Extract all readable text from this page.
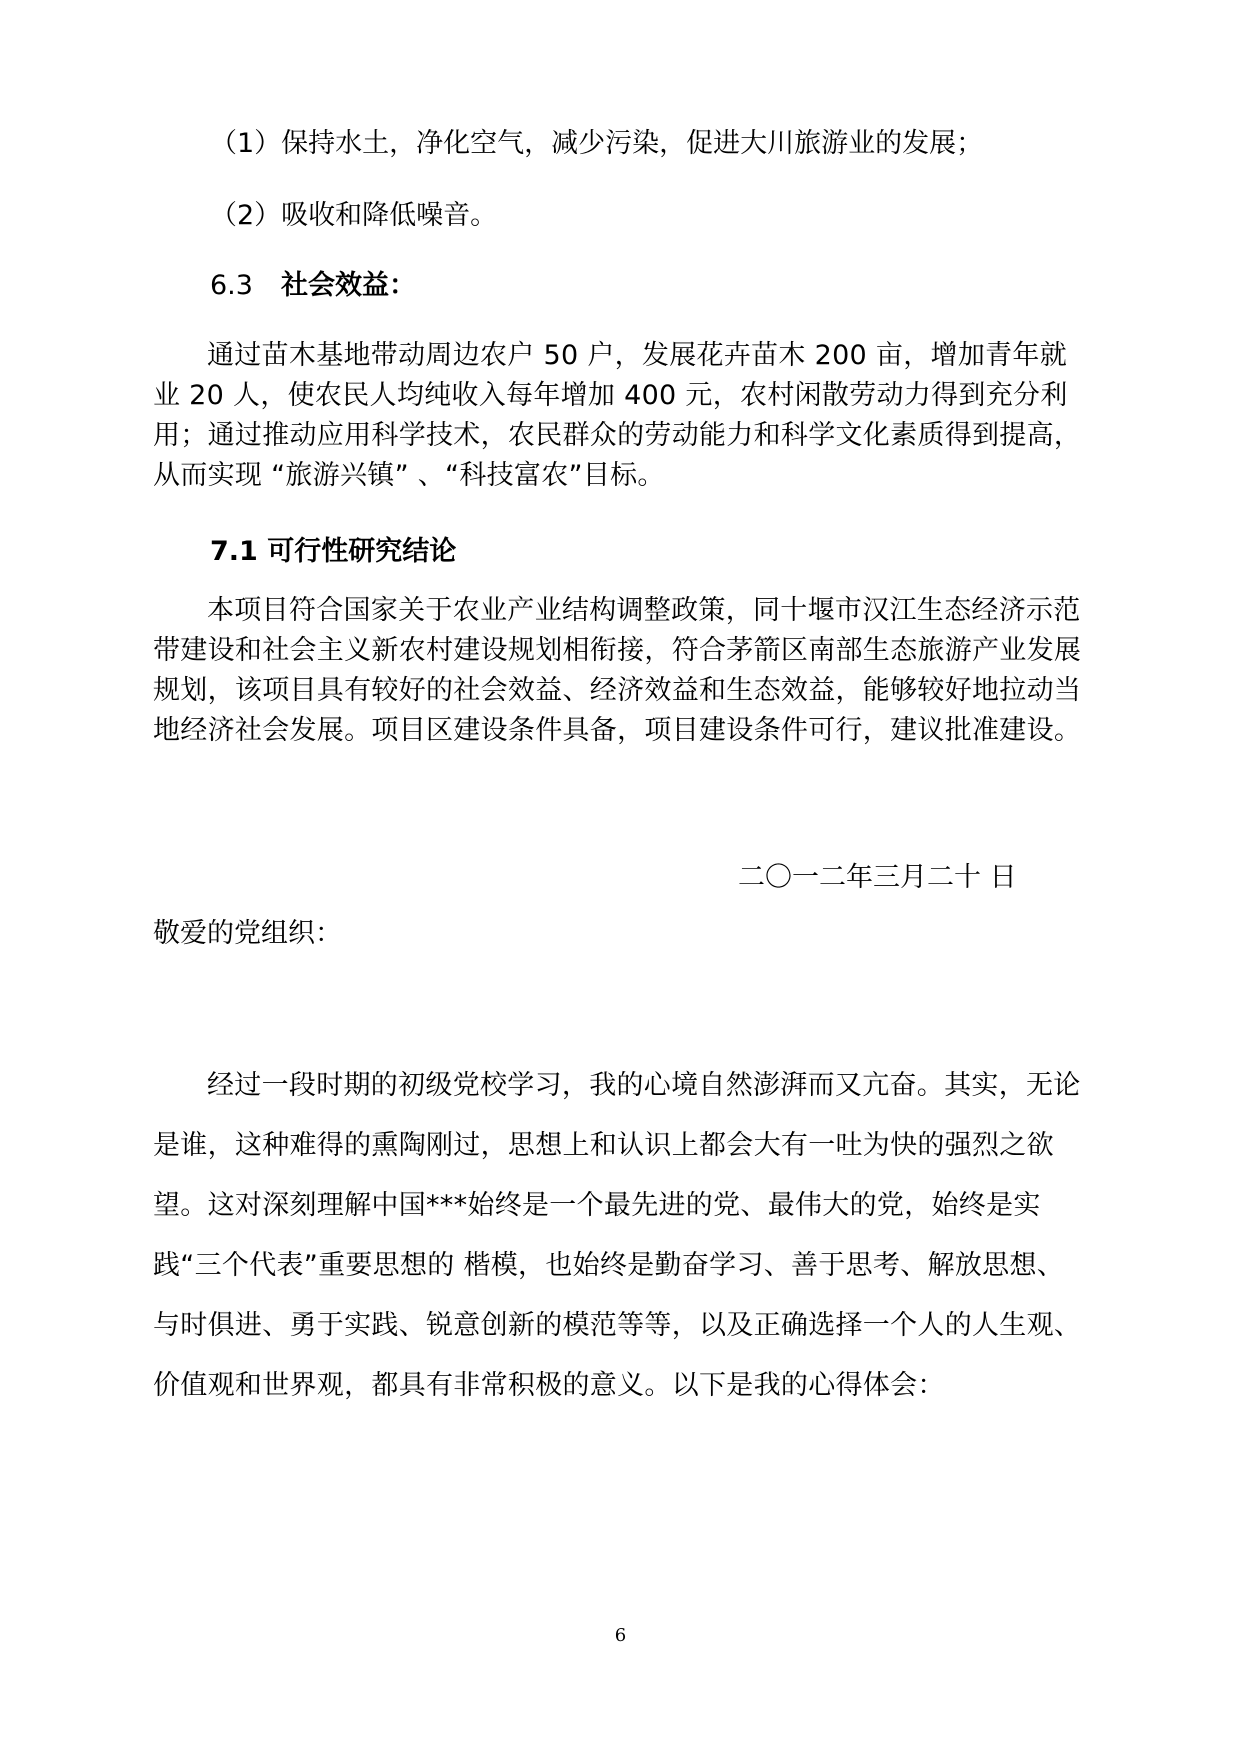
（1）保持水土，净化空气，减少污染，促进大川旅游业的发展；
（2）吸收和降低噪音。
6.3 社会效益：
通过苗木基地带动周边农户 50 户，发展花卉苗木 200 亩，增加青年就业 20 人，使农民人均纯收入每年增加 400 元，农村闲散劳动力得到充分利用；通过推动应用科学技术，农民群众的劳动能力和科学文化素质得到提高，从而实现 “旅游兴镇” 、“科技富农”目标。
7.1 可行性研究结论
本项目符合国家关于农业产业结构调整政策，同十堰市汉江生态经济示范带建设和社会主义新农村建设规划相衔接，符合茅箭区南部生态旅游产业发展规划，该项目具有较好的社会效益、经济效益和生态效益，能够较好地拉动当地经济社会发展。项目区建设条件具备，项目建设条件可行，建议批准建设。
二〇一二年三月二十 日
敬爱的党组织：
经过一段时期的初级党校学习，我的心境自然澎湃而又亢奋。其实，无论是谁，这种难得的熏陶刚过，思想上和认识上都会大有一吐为快的强烈之欲望。这对深刻理解中国***始终是一个最先进的党、最伟大的党，始终是实践“三个代表”重要思想的 楷模，也始终是勤奋学习、善于思考、解放思想、与时俱进、勇于实践、锐意创新的模范等等，以及正确选择一个人的人生观、价值观和世界观，都具有非常积极的意义。以下是我的心得体会：
6
